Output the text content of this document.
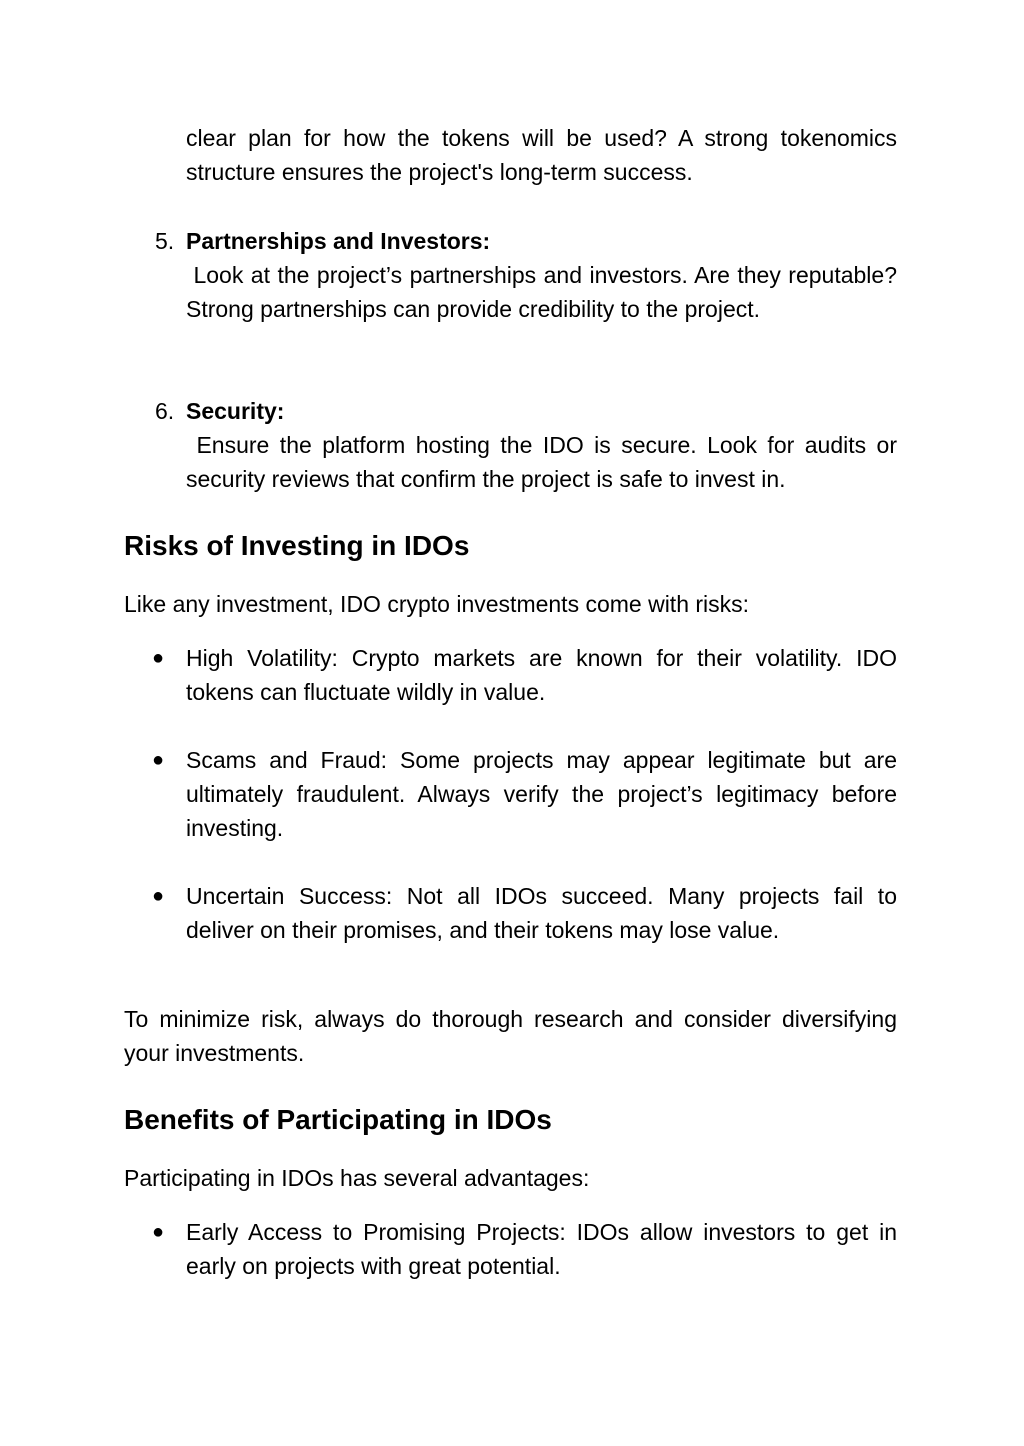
clear plan for how the tokens will be used? A strong tokenomics structure ensures the project's long-term success.

5. Partnerships and Investors:
Look at the project’s partnerships and investors. Are they reputable? Strong partnerships can provide credibility to the project.
6. Security:
Ensure the platform hosting the IDO is secure. Look for audits or security reviews that confirm the project is safe to invest in.
Risks of Investing in IDOs

Like any investment, IDO crypto investments come with risks:

● High Volatility: Crypto markets are known for their volatility. IDO tokens can fluctuate wildly in value.

● Scams and Fraud: Some projects may appear legitimate but are ultimately fraudulent. Always verify the project’s legitimacy before investing.

● Uncertain Success: Not all IDOs succeed. Many projects fail to deliver on their promises, and their tokens may lose value.

To minimize risk, always do thorough research and consider diversifying your investments.

Benefits of Participating in IDOs

Participating in IDOs has several advantages:

● Early Access to Promising Projects: IDOs allow investors to get in early on projects with great potential.
